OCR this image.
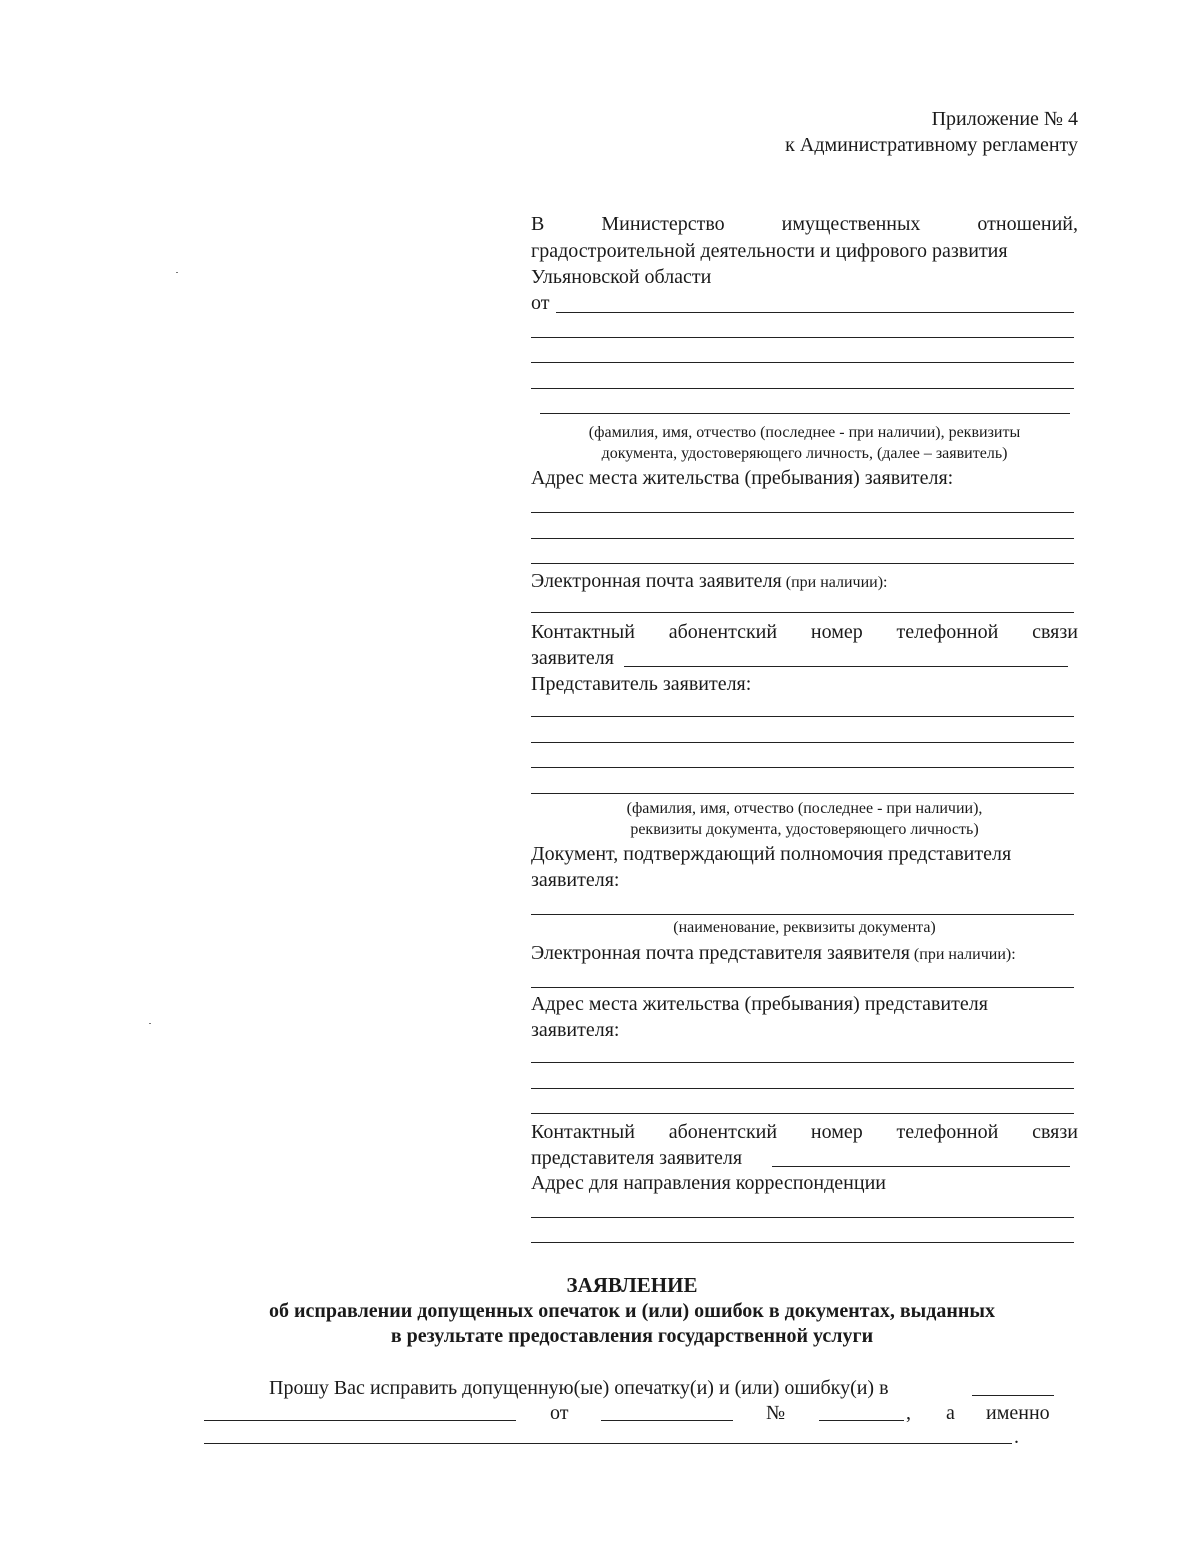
Приложение № 4
к Административному регламенту
В	Министерство	имущественных	отношений,
градостроительной деятельности и цифрового развития
Ульяновской области
от
(фамилия, имя, отчество (последнее - при наличии), реквизиты
документа, удостоверяющего личность, (далее – заявитель)
Адрес места жительства (пребывания) заявителя:
Электронная почта заявителя (при наличии):
Контактный абонентский номер телефонной связи
заявителя
Представитель заявителя:
(фамилия, имя, отчество (последнее - при наличии),
реквизиты документа, удостоверяющего личность)
Документ, подтверждающий полномочия представителя
заявителя:
(наименование, реквизиты документа)
Электронная почта представителя заявителя (при наличии):
Адрес места жительства (пребывания) представителя
заявителя:
Контактный абонентский номер телефонной связи
представителя заявителя
Адрес для направления корреспонденции
ЗАЯВЛЕНИЕ
об исправлении допущенных опечаток и (или) ошибок в документах, выданных
в результате предоставления государственной услуги
Прошу Вас исправить допущенную(ые) опечатку(и) и (или) ошибку(и) в
от	№	, а именно
.
